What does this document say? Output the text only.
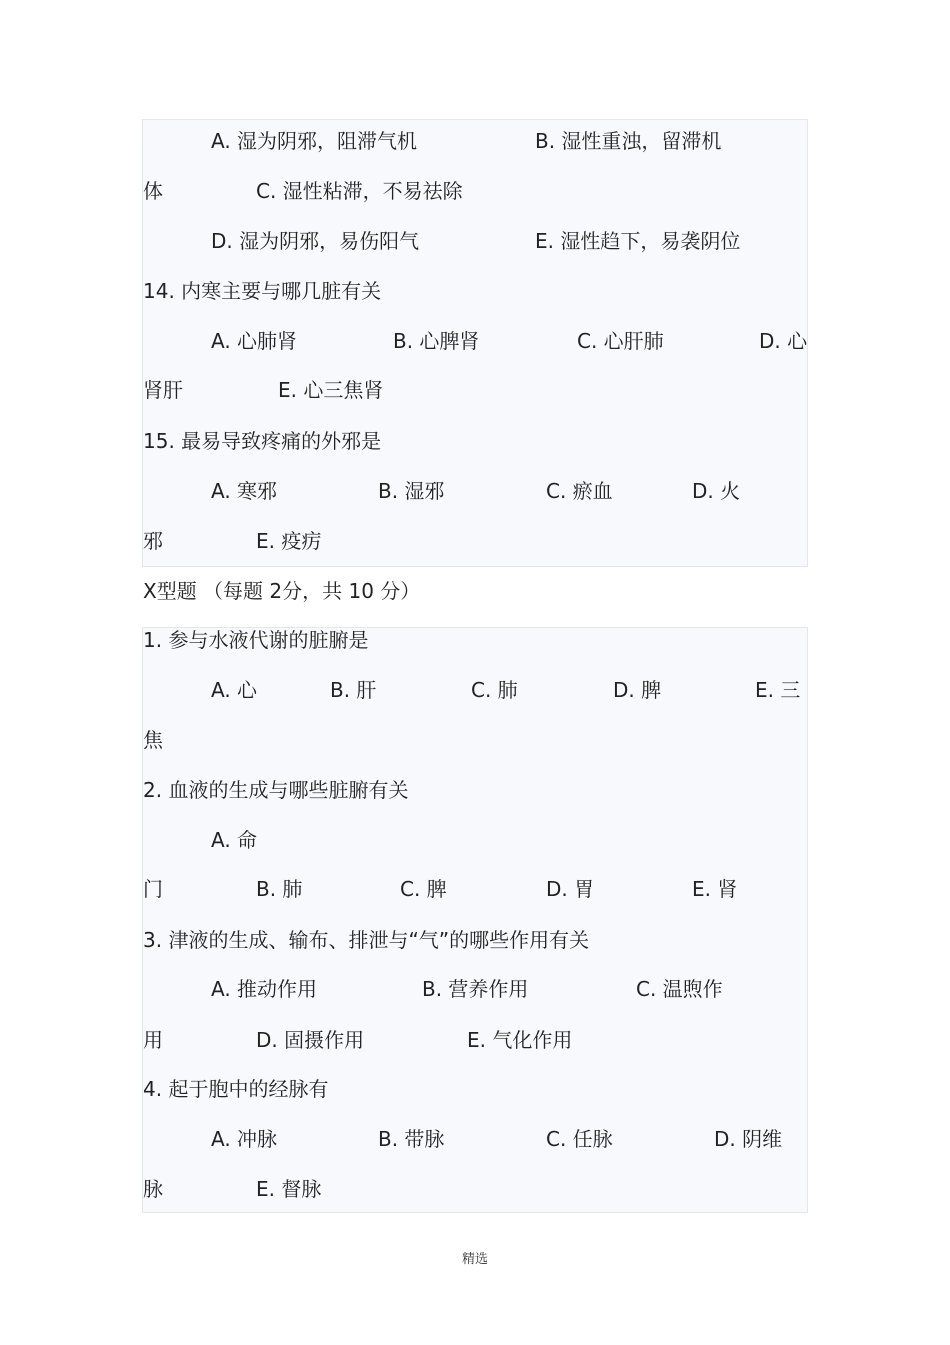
A. 湿为阴邪，阻滞气机	B. 湿性重浊，留滞机
体	C. 湿性粘滞，不易祛除
D. 湿为阴邪，易伤阳气	E. 湿性趋下，易袭阴位
14. 内寒主要与哪几脏有关
A. 心肺肾	B. 心脾肾	C. 心肝肺	D. 心
肾肝	E. 心三焦肾
15. 最易导致疼痛的外邪是
A. 寒邪	B. 湿邪	C. 瘀血	D. 火
邪	E. 疫疠
X型题 （每题 2分，共 10 分）
1. 参与水液代谢的脏腑是
A. 心	B. 肝	C. 肺	D. 脾	E. 三
焦
2. 血液的生成与哪些脏腑有关
A. 命
门	B. 肺	C. 脾	D. 胃	E. 肾
3. 津液的生成、输布、排泄与“气”的哪些作用有关
A. 推动作用	B. 营养作用	C. 温煦作
用	D. 固摄作用	E. 气化作用
4. 起于胞中的经脉有
A. 冲脉	B. 带脉	C. 任脉	D. 阴维
脉	E. 督脉
精选
